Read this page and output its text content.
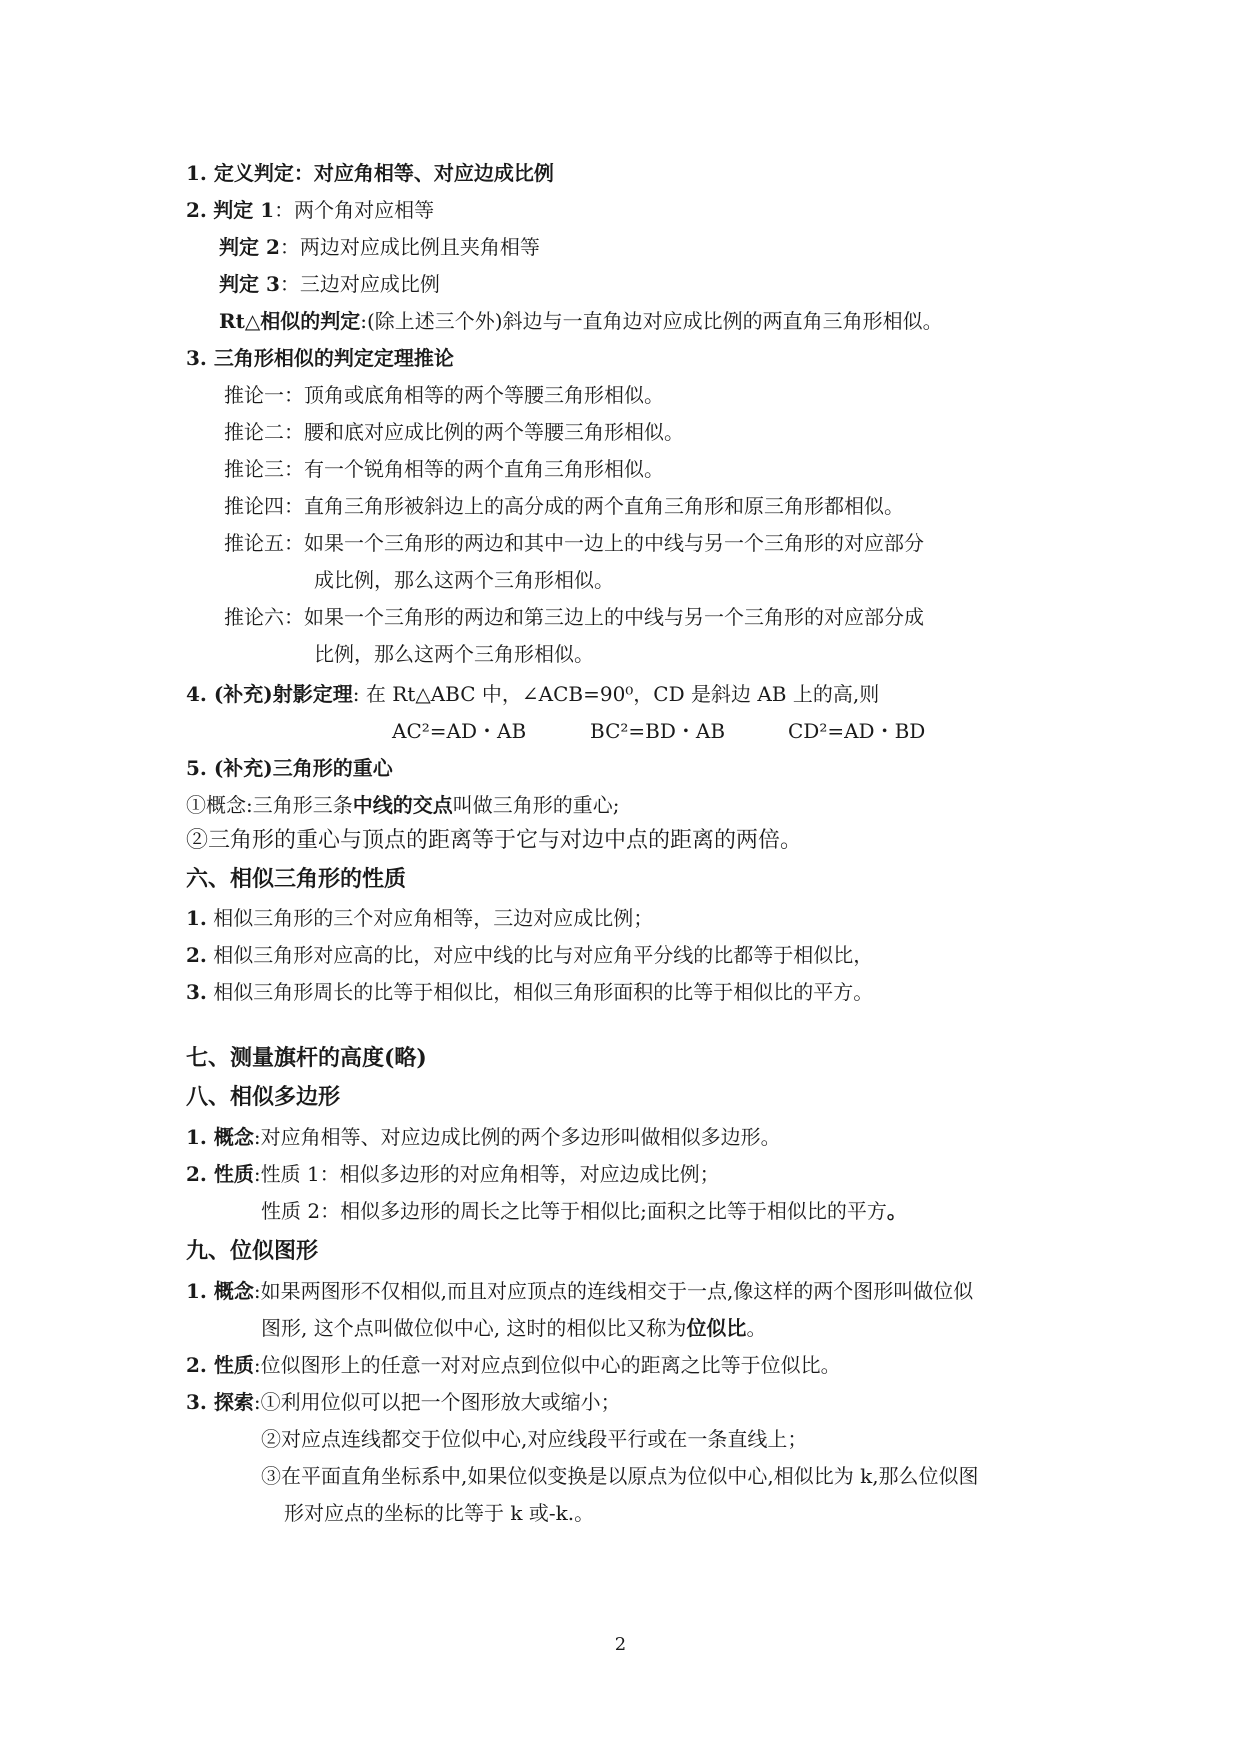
1. 定义判定：对应角相等、对应边成比例
2. 判定 1：两个角对应相等
判定 2：两边对应成比例且夹角相等
判定 3：三边对应成比例
Rt△相似的判定:(除上述三个外)斜边与一直角边对应成比例的两直角三角形相似。
3. 三角形相似的判定定理推论
推论一：顶角或底角相等的两个等腰三角形相似。
推论二：腰和底对应成比例的两个等腰三角形相似。
推论三：有一个锐角相等的两个直角三角形相似。
推论四：直角三角形被斜边上的高分成的两个直角三角形和原三角形都相似。
推论五：如果一个三角形的两边和其中一边上的中线与另一个三角形的对应部分
成比例，那么这两个三角形相似。
推论六：如果一个三角形的两边和第三边上的中线与另一个三角形的对应部分成
比例，那么这两个三角形相似。
4. (补充)射影定理: 在 Rt△ABC 中，∠ACB=90⁰，CD 是斜边 AB 上的高,则
AC²=AD・AB	BC²=BD・AB	CD²=AD・BD
5. (补充)三角形的重心
①概念:三角形三条中线的交点叫做三角形的重心;
②三角形的重心与顶点的距离等于它与对边中点的距离的两倍。
六、相似三角形的性质
1. 相似三角形的三个对应角相等，三边对应成比例；
2. 相似三角形对应高的比，对应中线的比与对应角平分线的比都等于相似比，
3. 相似三角形周长的比等于相似比，相似三角形面积的比等于相似比的平方。
七、测量旗杆的高度(略)
八、相似多边形
1. 概念:对应角相等、对应边成比例的两个多边形叫做相似多边形。
2. 性质:性质 1：相似多边形的对应角相等，对应边成比例；
性质 2：相似多边形的周长之比等于相似比;面积之比等于相似比的平方。
九、位似图形
1. 概念:如果两图形不仅相似,而且对应顶点的连线相交于一点,像这样的两个图形叫做位似
图形, 这个点叫做位似中心, 这时的相似比又称为位似比。
2. 性质:位似图形上的任意一对对应点到位似中心的距离之比等于位似比。
3. 探索:①利用位似可以把一个图形放大或缩小；
②对应点连线都交于位似中心,对应线段平行或在一条直线上；
③在平面直角坐标系中,如果位似变换是以原点为位似中心,相似比为 k,那么位似图
形对应点的坐标的比等于 k 或-k.。
2
